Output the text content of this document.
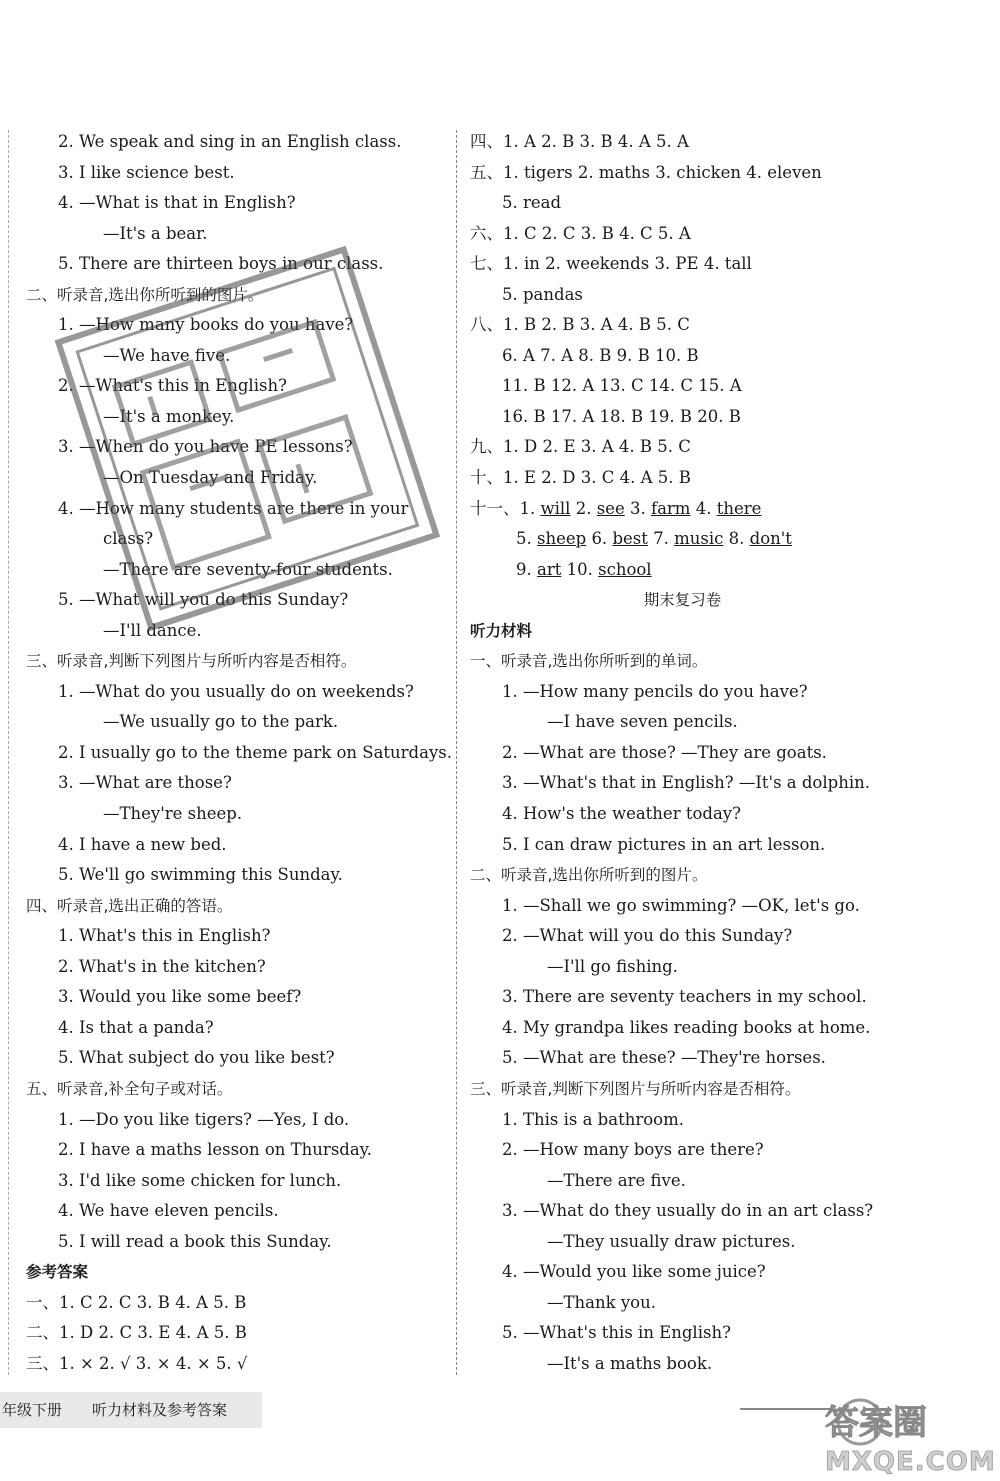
2. We speak and sing in an English class.
3. I like science best.
4. —What is that in English?
—It's a bear.
5. There are thirteen boys in our class.
二、听录音,选出你所听到的图片。
1. —How many books do you have?
—We have five.
2. —What's this in English?
—It's a monkey.
3. —When do you have PE lessons?
—On Tuesday and Friday.
4. —How many students are there in your
class?
—There are seventy-four students.
5. —What will you do this Sunday?
—I'll dance.
三、听录音,判断下列图片与所听内容是否相符。
1. —What do you usually do on weekends?
—We usually go to the park.
2. I usually go to the theme park on Saturdays.
3. —What are those?
—They're sheep.
4. I have a new bed.
5. We'll go swimming this Sunday.
四、听录音,选出正确的答语。
1. What's this in English?
2. What's in the kitchen?
3. Would you like some beef?
4. Is that a panda?
5. What subject do you like best?
五、听录音,补全句子或对话。
1. —Do you like tigers? —Yes, I do.
2. I have a maths lesson on Thursday.
3. I'd like some chicken for lunch.
4. We have eleven pencils.
5. I will read a book this Sunday.
参考答案
一、1. C 2. C 3. B 4. A 5. B
二、1. D 2. C 3. E 4. A 5. B
三、1. × 2. √ 3. × 4. × 5. √
四、1. A 2. B 3. B 4. A 5. A
五、1. tigers 2. maths 3. chicken 4. eleven
5. read
六、1. C 2. C 3. B 4. C 5. A
七、1. in 2. weekends 3. PE 4. tall
5. pandas
八、1. B 2. B 3. A 4. B 5. C
6. A 7. A 8. B 9. B 10. B
11. B 12. A 13. C 14. C 15. A
16. B 17. A 18. B 19. B 20. B
九、1. D 2. E 3. A 4. B 5. C
十、1. E 2. D 3. C 4. A 5. B
十一、1. will 2. see 3. farm 4. there
5. sheep 6. best 7. music 8. don't
9. art 10. school
期末复习卷
听力材料
一、听录音,选出你所听到的单词。
1. —How many pencils do you have?
—I have seven pencils.
2. —What are those? —They are goats.
3. —What's that in English? —It's a dolphin.
4. How's the weather today?
5. I can draw pictures in an art lesson.
二、听录音,选出你所听到的图片。
1. —Shall we go swimming? —OK, let's go.
2. —What will you do this Sunday?
—I'll go fishing.
3. There are seventy teachers in my school.
4. My grandpa likes reading books at home.
5. —What are these? —They're horses.
三、听录音,判断下列图片与所听内容是否相符。
1. This is a bathroom.
2. —How many boys are there?
—There are five.
3. —What do they usually do in an art class?
—They usually draw pictures.
4. —Would you like some juice?
—Thank you.
5. —What's this in English?
—It's a maths book.
年级下册 听力材料及参考答案	答案圈
MXQE.COM
